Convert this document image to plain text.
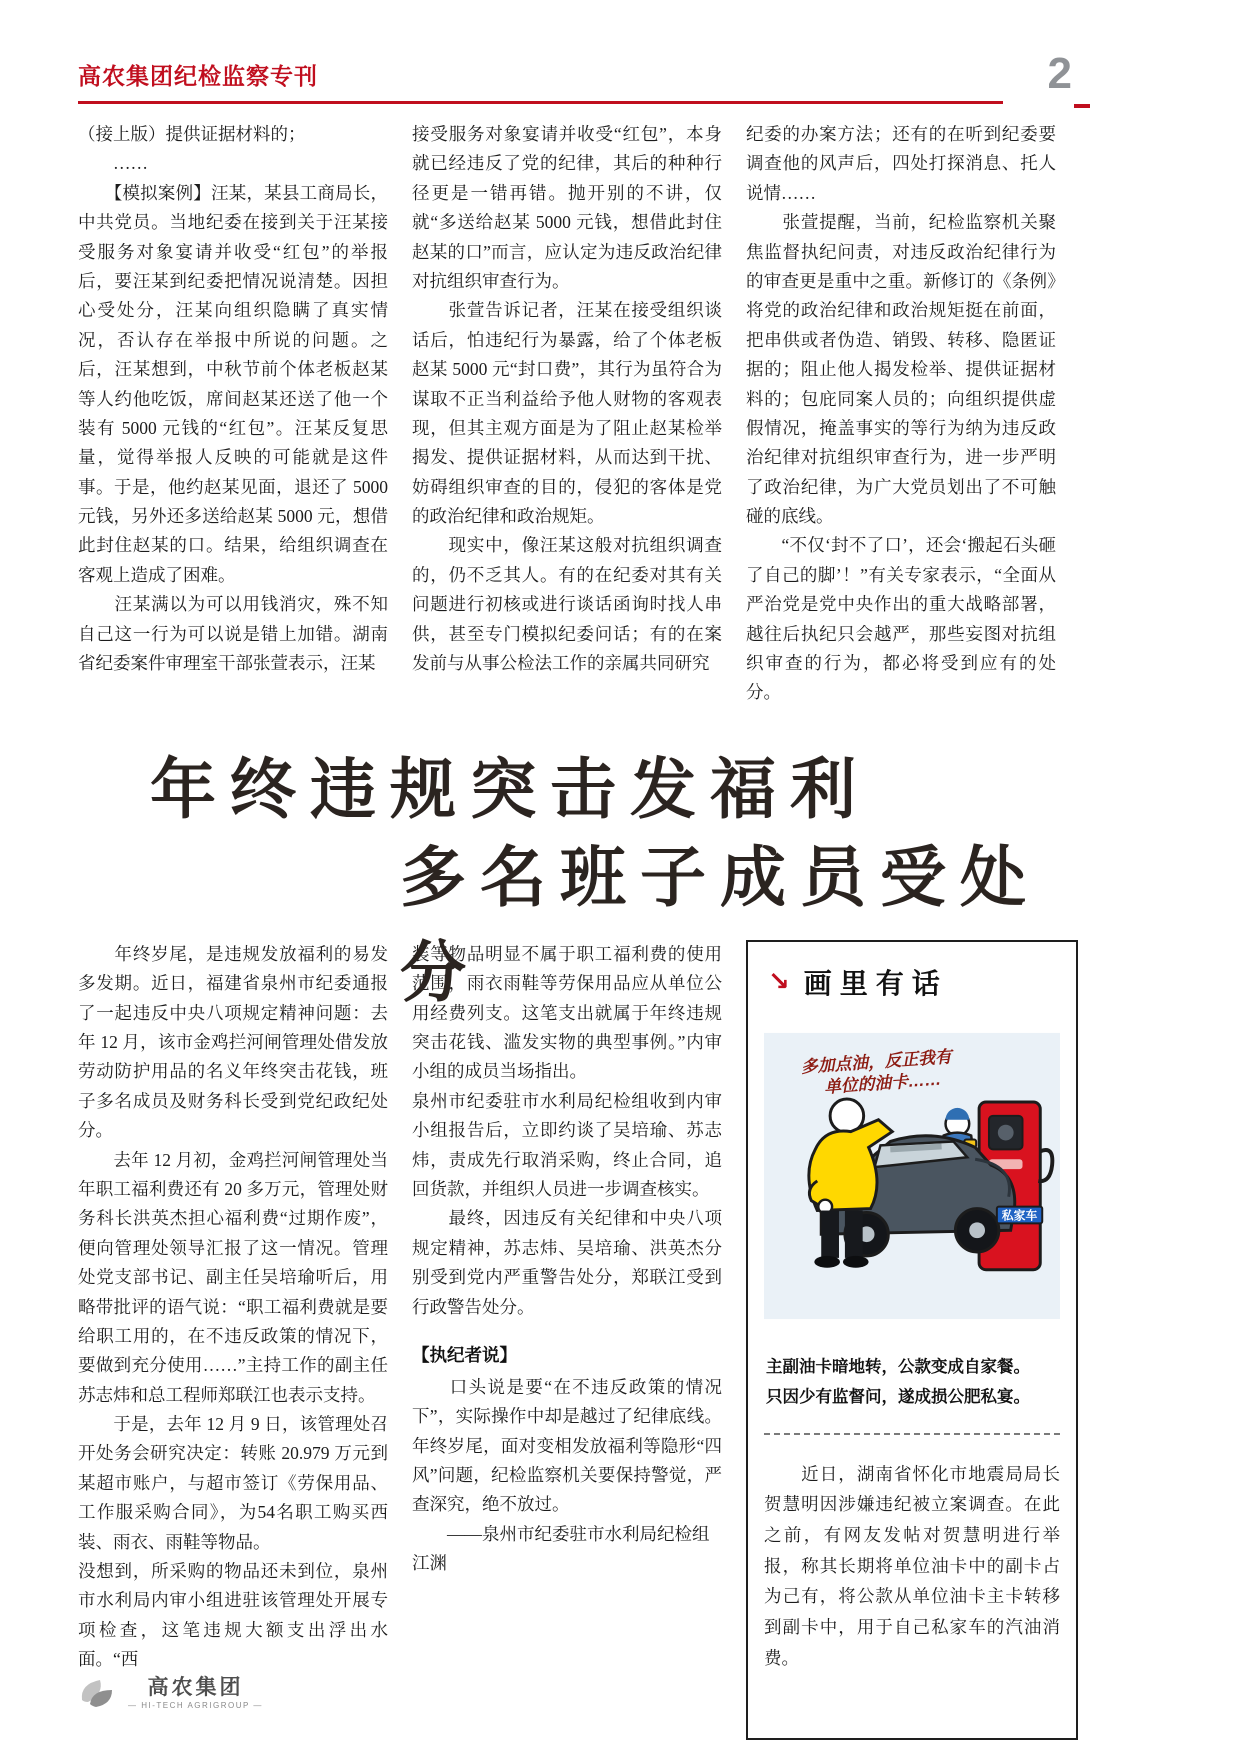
高农集团纪检监察专刊	2

（接上版）提供证据材料的；

　　……

　　【模拟案例】汪某，某县工商局长，中共党员。当地纪委在接到关于汪某接受服务对象宴请并收受“红包”的举报后，要汪某到纪委把情况说清楚。因担心受处分，汪某向组织隐瞒了真实情况，否认存在举报中所说的问题。之后，汪某想到，中秋节前个体老板赵某等人约他吃饭，席间赵某还送了他一个装有 5000 元钱的“红包”。汪某反复思量，觉得举报人反映的可能就是这件事。于是，他约赵某见面，退还了 5000 元钱，另外还多送给赵某 5000 元，想借此封住赵某的口。结果，给组织调查在客观上造成了困难。

　　汪某满以为可以用钱消灾，殊不知自己这一行为可以说是错上加错。湖南省纪委案件审理室干部张萱表示，汪某

接受服务对象宴请并收受“红包”，本身就已经违反了党的纪律，其后的种种行径更是一错再错。抛开别的不讲，仅就“多送给赵某 5000 元钱，想借此封住赵某的口”而言，应认定为违反政治纪律对抗组织审查行为。

　　张萱告诉记者，汪某在接受组织谈话后，怕违纪行为暴露，给了个体老板赵某 5000 元“封口费”，其行为虽符合为谋取不正当利益给予他人财物的客观表现，但其主观方面是为了阻止赵某检举揭发、提供证据材料，从而达到干扰、妨碍组织审查的目的，侵犯的客体是党的政治纪律和政治规矩。

　　现实中，像汪某这般对抗组织调查的，仍不乏其人。有的在纪委对其有关问题进行初核或进行谈话函询时找人串供，甚至专门模拟纪委问话；有的在案发前与从事公检法工作的亲属共同研究

纪委的办案方法；还有的在听到纪委要调查他的风声后，四处打探消息、托人说情……

　　张萱提醒，当前，纪检监察机关聚焦监督执纪问责，对违反政治纪律行为的审查更是重中之重。新修订的《条例》将党的政治纪律和政治规矩挺在前面，把串供或者伪造、销毁、转移、隐匿证据的；阻止他人揭发检举、提供证据材料的；包庇同案人员的；向组织提供虚假情况，掩盖事实的等行为纳为违反政治纪律对抗组织审查行为，进一步严明了政治纪律，为广大党员划出了不可触碰的底线。

　　“不仅‘封不了口’，还会‘搬起石头砸了自己的脚’！”有关专家表示，“全面从严治党是党中央作出的重大战略部署，越往后执纪只会越严，那些妄图对抗组织审查的行为，都必将受到应有的处分。

年终违规突击发福利
多名班子成员受处分

　　年终岁尾，是违规发放福利的易发多发期。近日，福建省泉州市纪委通报了一起违反中央八项规定精神问题：去年 12 月，该市金鸡拦河闸管理处借发放劳动防护用品的名义年终突击花钱，班子多名成员及财务科长受到党纪政纪处分。

　　去年 12 月初，金鸡拦河闸管理处当年职工福利费还有 20 多万元，管理处财务科长洪英杰担心福利费“过期作废”，便向管理处领导汇报了这一情况。管理处党支部书记、副主任吴培瑜听后，用略带批评的语气说：“职工福利费就是要给职工用的，在不违反政策的情况下，要做到充分使用……”主持工作的副主任苏志炜和总工程师郑联江也表示支持。

　　于是，去年 12 月 9 日，该管理处召开处务会研究决定：转账 20.979 万元到某超市账户，与超市签订《劳保用品、工作服采购合同》，为54名职工购买西装、雨衣、雨鞋等物品。

没想到，所采购的物品还未到位，泉州市水利局内审小组进驻该管理处开展专项检查，这笔违规大额支出浮出水面。“西

装等物品明显不属于职工福利费的使用范围，雨衣雨鞋等劳保用品应从单位公用经费列支。这笔支出就属于年终违规突击花钱、滥发实物的典型事例。”内审小组的成员当场指出。

泉州市纪委驻市水利局纪检组收到内审小组报告后，立即约谈了吴培瑜、苏志炜，责成先行取消采购，终止合同，追回货款，并组织人员进一步调查核实。

　　最终，因违反有关纪律和中央八项规定精神，苏志炜、吴培瑜、洪英杰分别受到党内严重警告处分，郑联江受到行政警告处分。

【执纪者说】

　　口头说是要“在不违反政策的情况下”，实际操作中却是越过了纪律底线。年终岁尾，面对变相发放福利等隐形“四风”问题，纪检监察机关要保持警觉，严查深究，绝不放过。

　　——泉州市纪委驻市水利局纪检组

江渊

↘ 画里有话
多加点油，反正我有
单位的油卡……
私家车
主副油卡暗地转，公款变成自家餐。
只因少有监督问，遂成损公肥私宴。

　　近日，湖南省怀化市地震局局长贺慧明因涉嫌违纪被立案调查。在此之前，有网友发帖对贺慧明进行举报，称其长期将单位油卡中的副卡占为己有，将公款从单位油卡主卡转移到副卡中，用于自己私家车的汽油消费。

高农集团
— HI-TECH AGRIGROUP —
